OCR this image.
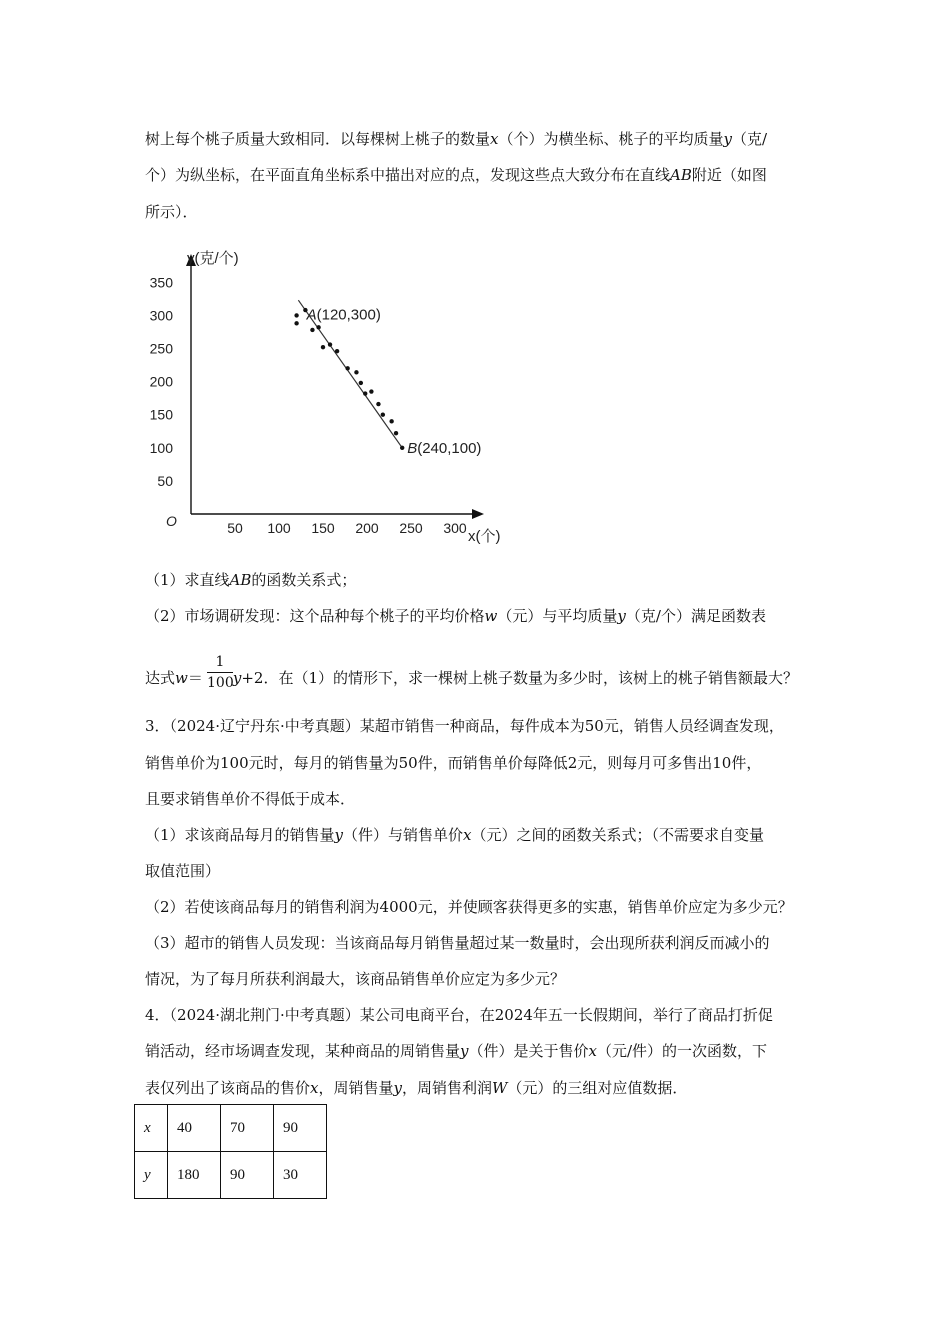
树上每个桃子质量大致相同．以每棵树上桃子的数量x（个）为横坐标、桃子的平均质量y（克/
个）为纵坐标，在平面直角坐标系中描出对应的点，发现这些点大致分布在直线AB附近（如图
所示）．
y(克/个)
x(个)
O	50 100 150 200 250 300
50
100
150
200
250
300
350
A(120,300)
B(240,100)
（1）求直线AB的函数关系式；
（2）市场调研发现：这个品种每个桃子的平均价格w（元）与平均质量y（克/个）满足函数表
达式w＝ y+2．在（1）的情形下，求一棵树上桃子数量为多少时，该树上的桃子销售额最大？
1
100
3．（2024·辽宁丹东·中考真题）某超市销售一种商品，每件成本为50元，销售人员经调查发现，
销售单价为100元时，每月的销售量为50件，而销售单价每降低2元，则每月可多售出10件，
且要求销售单价不得低于成本．
（1）求该商品每月的销售量y（件）与销售单价x（元）之间的函数关系式；（不需要求自变量
取值范围）
（2）若使该商品每月的销售利润为4000元，并使顾客获得更多的实惠，销售单价应定为多少元？
（3）超市的销售人员发现：当该商品每月销售量超过某一数量时，会出现所获利润反而减小的
情况，为了每月所获利润最大，该商品销售单价应定为多少元？
4．（2024·湖北荆门·中考真题）某公司电商平台，在2024年五一长假期间，举行了商品打折促
销活动，经市场调查发现，某种商品的周销售量y（件）是关于售价x（元/件）的一次函数，下
表仅列出了该商品的售价x，周销售量y，周销售利润W（元）的三组对应值数据．
x	40	70	90
y	180	90	30
